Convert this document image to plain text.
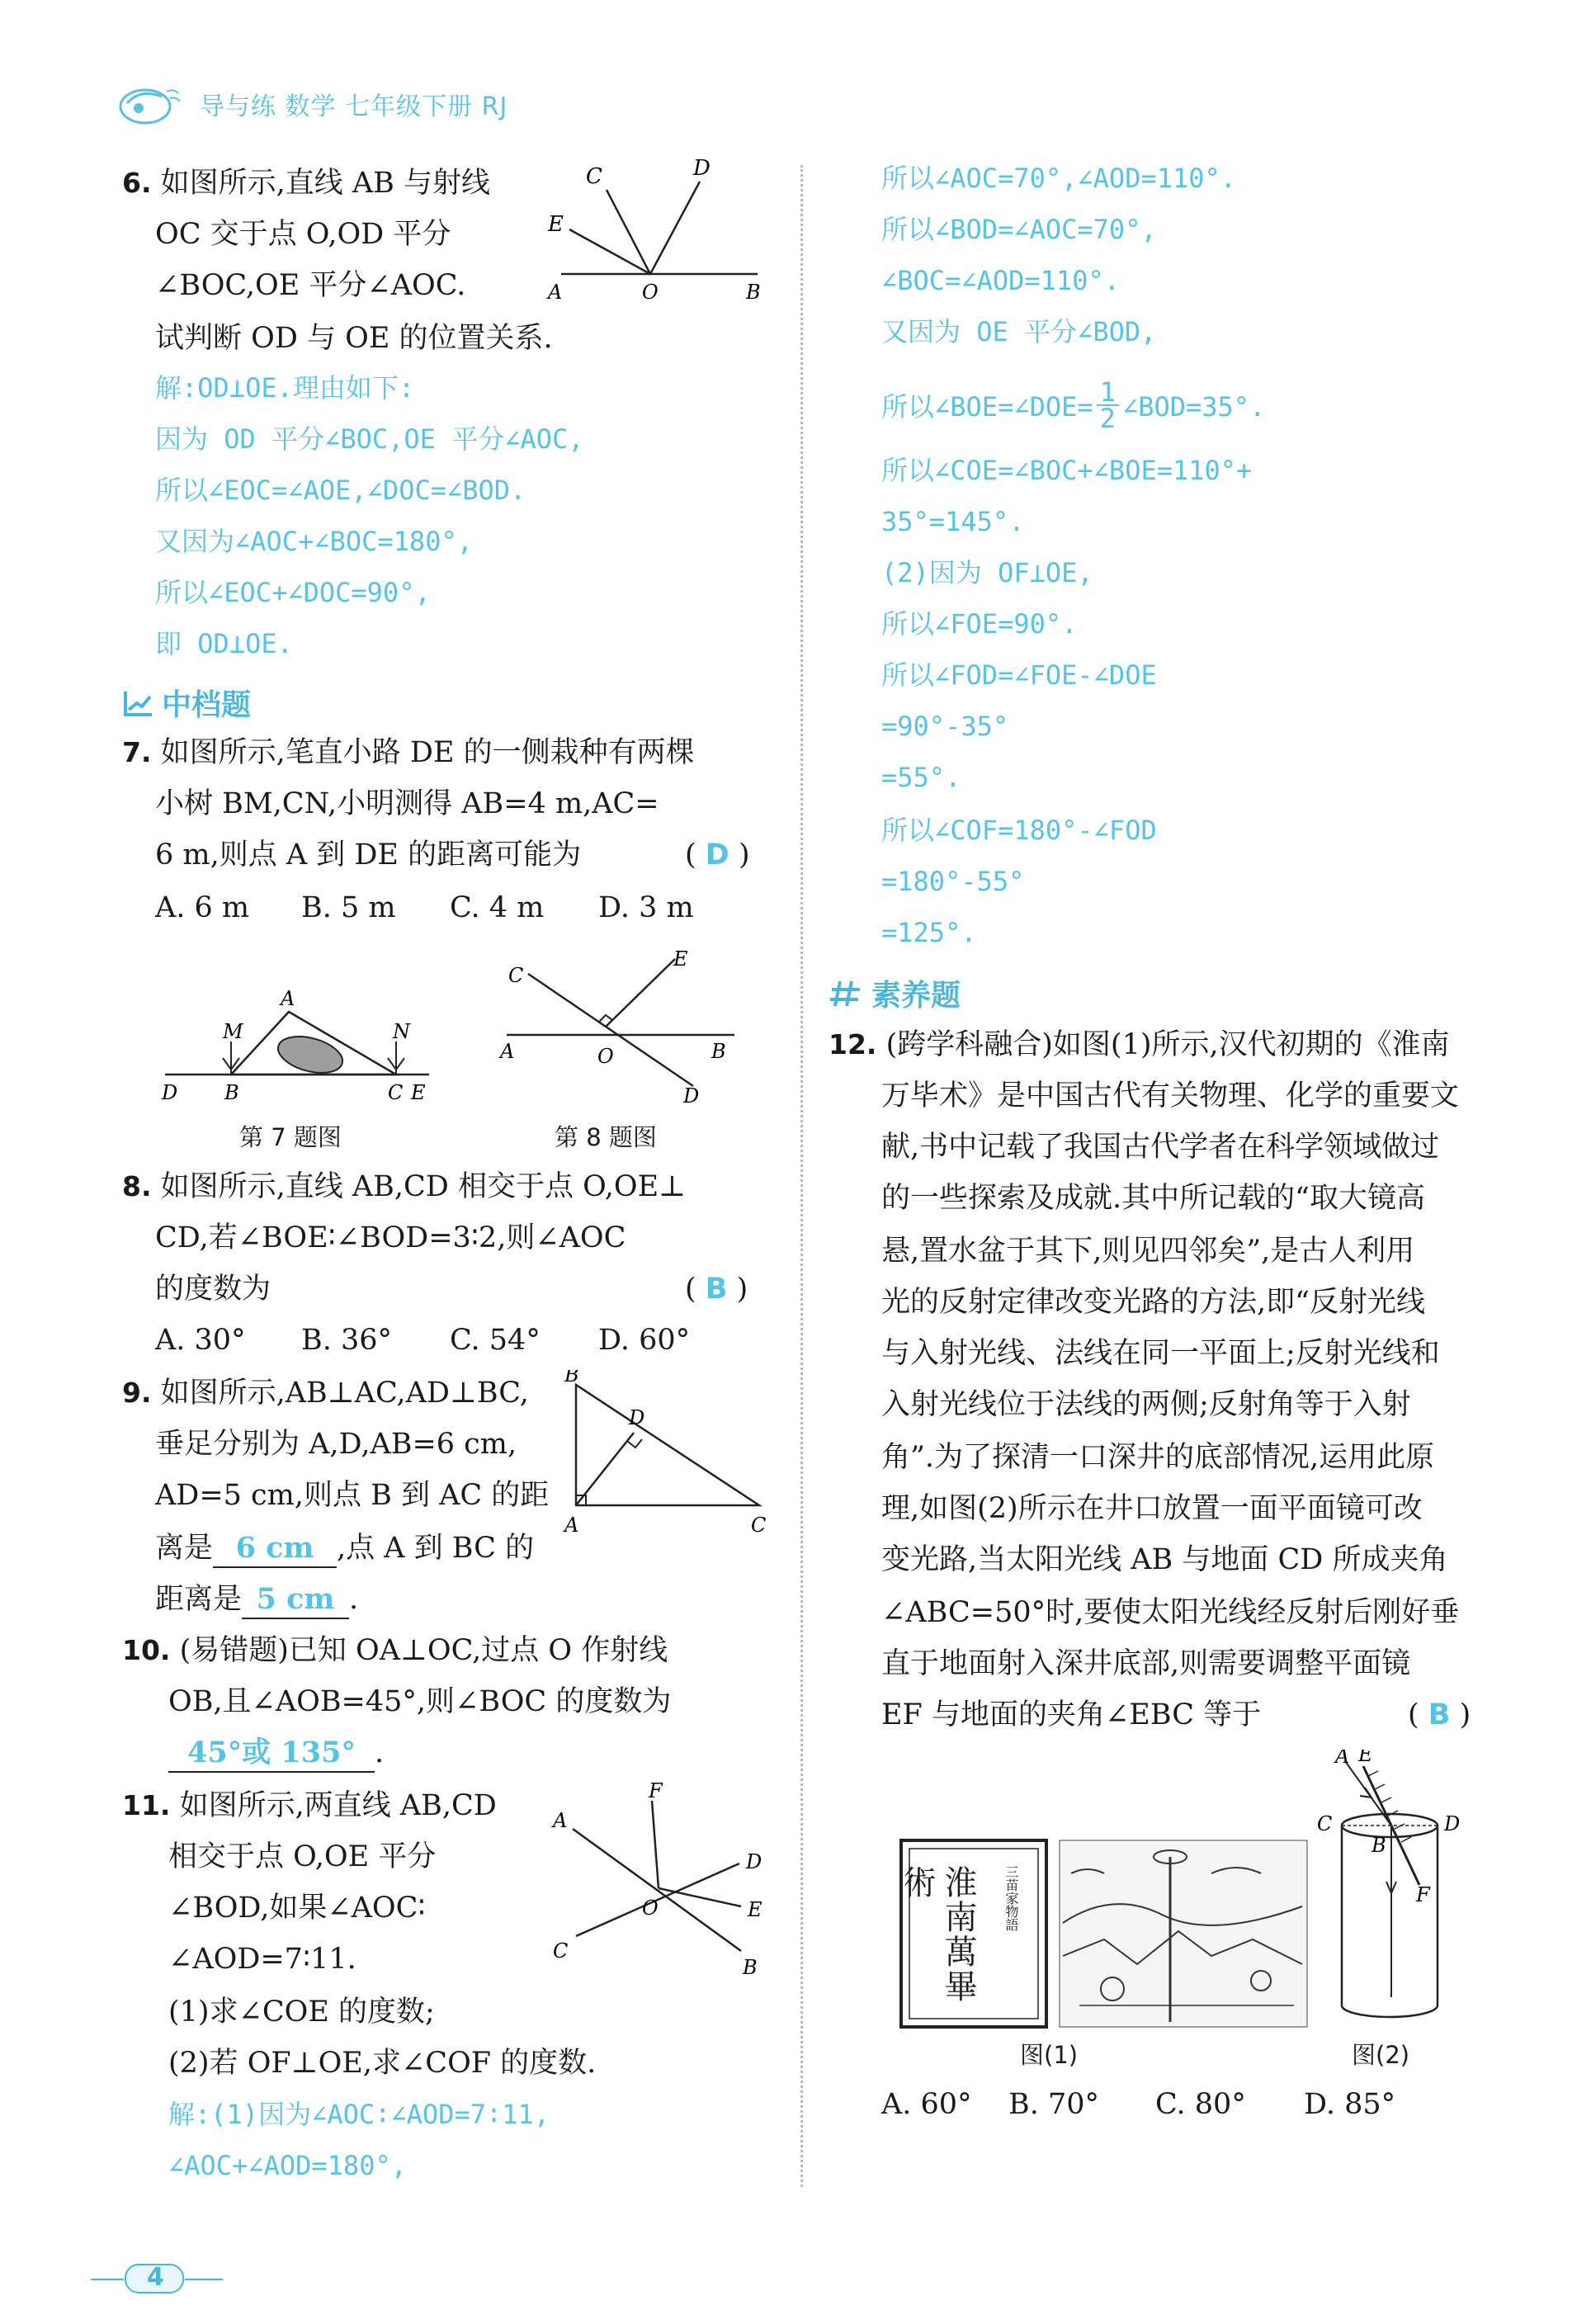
导与练 数学 七年级下册 RJ
6. 如图所示,直线 AB 与射线
OC 交于点 O,OD 平分
∠BOC,OE 平分∠AOC.
试判断 OD 与 OE 的位置关系.
解:OD⊥OE.理由如下:
因为 OD 平分∠BOC,OE 平分∠AOC,
所以∠EOC=∠AOE,∠DOC=∠BOD.
又因为∠AOC+∠BOC=180°,
所以∠EOC+∠DOC=90°,
即 OD⊥OE.
C	D
E
A	O	B
中档题
7. 如图所示,笔直小路 DE 的一侧栽种有两棵
小树 BM,CN,小明测得 AB=4 m,AC=
6 m,则点 A 到 DE 的距离可能为	( D )
A. 6 m B. 5 m C. 4 m D. 3 m
A
M	N
D B	C E
第 7 题图
C
E
A	O	B
D
第 8 题图
8. 如图所示,直线 AB,CD 相交于点 O,OE⊥
CD,若∠BOE∶∠BOD=3∶2,则∠AOC
的度数为	( B )
A. 30° B. 36° C. 54° D. 60°
9. 如图所示,AB⊥AC,AD⊥BC,
垂足分别为 A,D,AB=6 cm,
AD=5 cm,则点 B 到 AC 的距
离是 6 cm ,点 A 到 BC 的
距离是 5 cm .
B
D
A	C
10. (易错题)已知 OA⊥OC,过点 O 作射线
OB,且∠AOB=45°,则∠BOC 的度数为
45°或 135° .
11. 如图所示,两直线 AB,CD
相交于点 O,OE 平分
∠BOD,如果∠AOC∶
∠AOD=7∶11.
(1)求∠COE 的度数;
(2)若 OF⊥OE,求∠COF 的度数.
解:(1)因为∠AOC∶∠AOD=7∶11,
∠AOC+∠AOD=180°,
F
A
D
E
O
C
B
所以∠AOC=70°,∠AOD=110°.
所以∠BOD=∠AOC=70°,
∠BOC=∠AOD=110°.
又因为 OE 平分∠BOD,
所以∠BOE=∠DOE= $\frac{1}{2}$ ∠BOD=35°.
所以∠COE=∠BOC+∠BOE=110°+
35°=145°.
(2)因为 OF⊥OE,
所以∠FOE=90°.
所以∠FOD=∠FOE-∠DOE
=90°-35°
=55°.
所以∠COF=180°-∠FOD
=180°-55°
=125°.
素养题
12. (跨学科融合)如图(1)所示,汉代初期的《淮南
万毕术》是中国古代有关物理、化学的重要文
献,书中记载了我国古代学者在科学领域做过
的一些探索及成就.其中所记载的“取大镜高
悬,置水盆于其下,则见四邻矣”,是古人利用
光的反射定律改变光路的方法,即“反射光线
与入射光线、法线在同一平面上;反射光线和
入射光线位于法线的两侧;反射角等于入射
角”.为了探清一口深井的底部情况,运用此原
理,如图(2)所示在井口放置一面平面镜可改
变光路,当太阳光线 AB 与地面 CD 所成夹角
∠ABC=50°时,要使太阳光线经反射后刚好垂
直于地面射入深井底部,则需要调整平面镜
EF 与地面的夹角∠EBC 等于	( B )
淮南萬畢術	三苗家物語
图(1)
A E
C	D
B
F
图(2)
A. 60° B. 70° C. 80° D. 85°
4
